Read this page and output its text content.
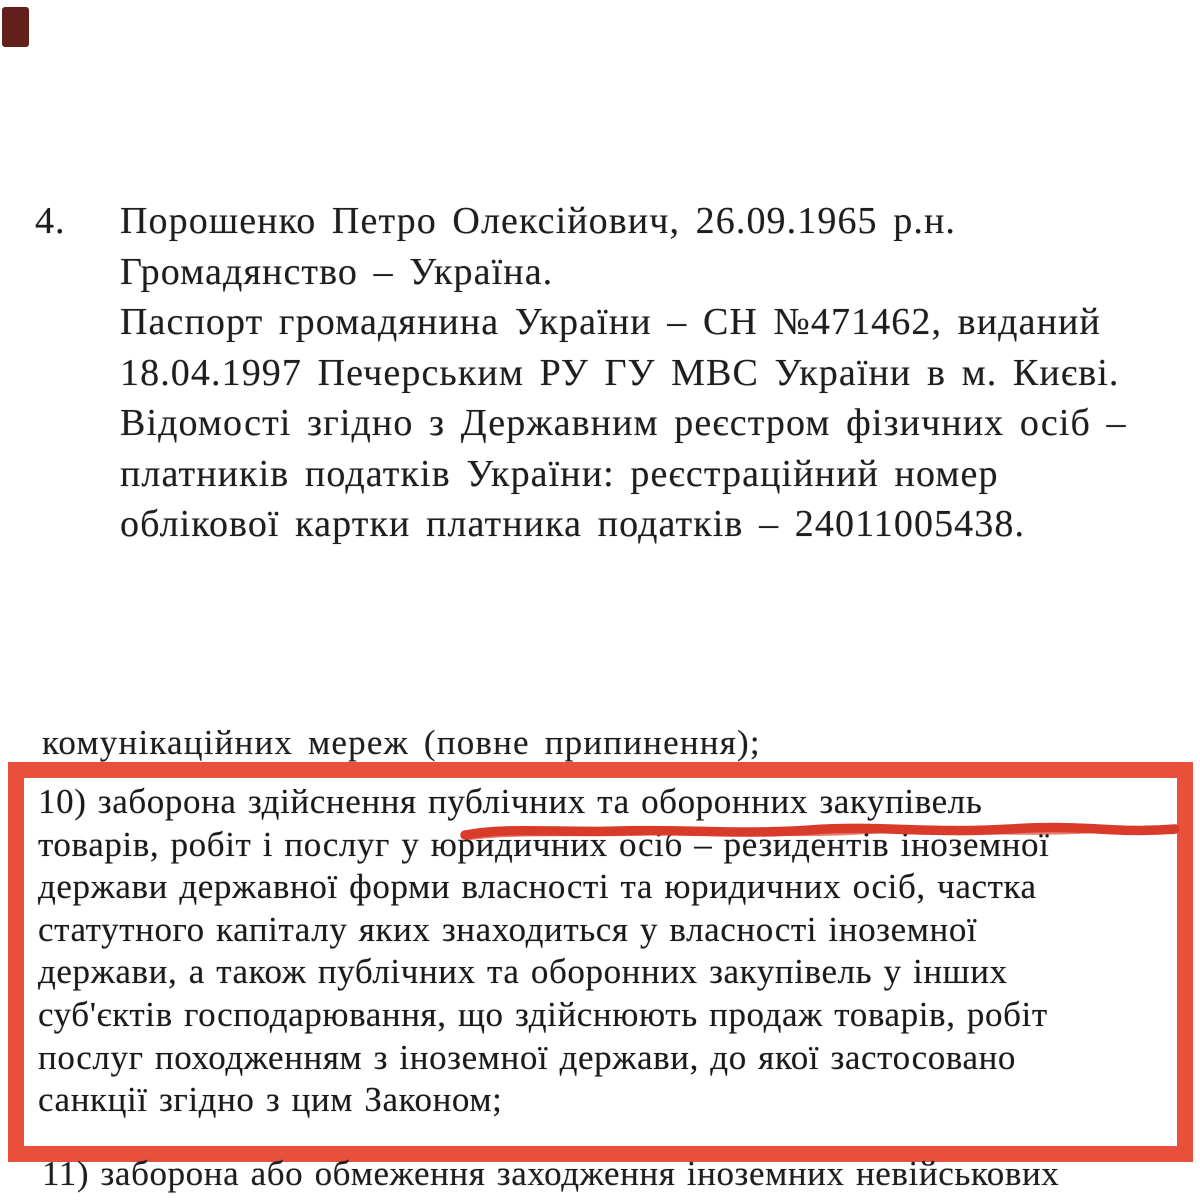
4.	Порошенко Петро Олексійович, 26.09.1965 р.н.
Громадянство – Україна.
Паспорт громадянина України – СН №471462, виданий
18.04.1997 Печерським РУ ГУ МВС України в м. Києві.
Відомості згідно з Державним реєстром фізичних осіб –
платників податків України: реєстраційний номер
облікової картки платника податків – 24011005438.
комунікаційних мереж (повне припинення);
10) заборона здійснення публічних та оборонних закупівель
товарів, робіт і послуг у юридичних осіб – резидентів іноземної
держави державної форми власності та юридичних осіб, частка
статутного капіталу яких знаходиться у власності іноземної
держави, а також публічних та оборонних закупівель у інших
суб'єктів господарювання, що здійснюють продаж товарів, робіт
послуг походженням з іноземної держави, до якої застосовано
санкції згідно з цим Законом;
11) заборона або обмеження заходження іноземних невійськових
